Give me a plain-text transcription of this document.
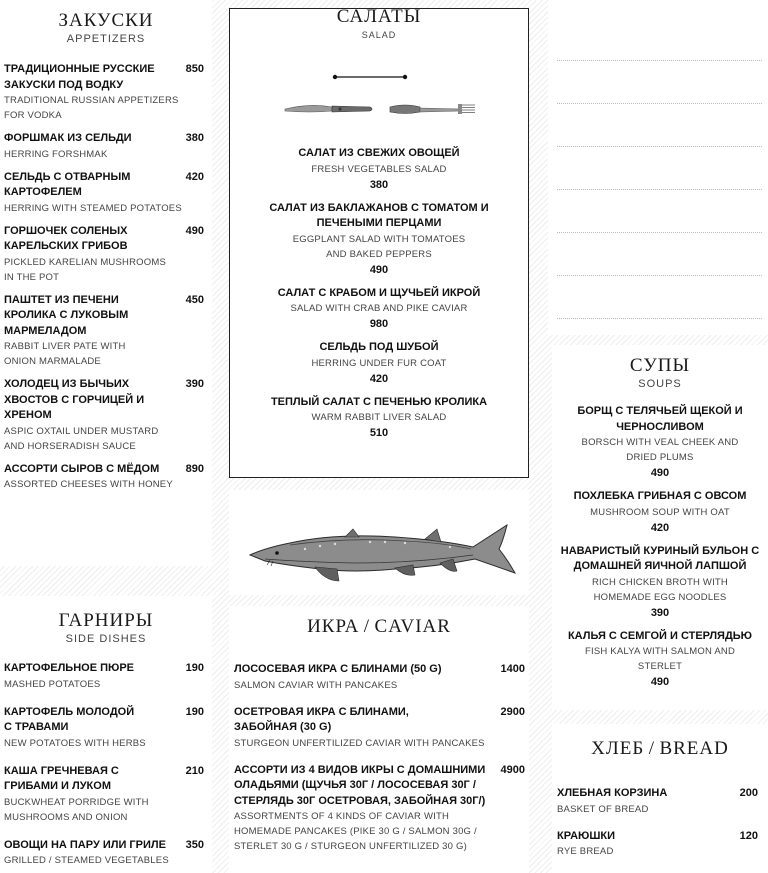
ЗАКУСКИ
APPETIZERS
ТРАДИЦИОННЫЕ РУССКИЕ ЗАКУСКИ ПОД ВОДКУ
TRADITIONAL RUSSIAN APPETIZERS FOR VODKA
850
ФОРШМАК ИЗ СЕЛЬДИ
HERRING FORSHMAK
380
СЕЛЬДЬ С ОТВАРНЫМ КАРТОФЕЛЕМ
HERRING WITH STEAMED POTATOES
420
ГОРШОЧЕК СОЛЕНЫХ КАРЕЛЬСКИХ ГРИБОВ
PICKLED KARELIAN MUSHROOMS IN THE POT
490
ПАШТЕТ ИЗ ПЕЧЕНИ КРОЛИКА С ЛУКОВЫМ МАРМЕЛАДОМ
RABBIT LIVER PATE WITH ONION MARMALADE
450
ХОЛОДЕЦ ИЗ БЫЧЬИХ ХВОСТОВ С ГОРЧИЦЕЙ И ХРЕНОМ
ASPIC OXTAIL UNDER MUSTARD AND HORSERADISH SAUCE
390
АССОРТИ СЫРОВ С МЁДОМ
ASSORTED CHEESES WITH HONEY
890
САЛАТЫ
SALAD
САЛАТ ИЗ СВЕЖИХ ОВОЩЕЙ
FRESH VEGETABLES SALAD
380
САЛАТ ИЗ БАКЛАЖАНОВ С ТОМАТОМ И ПЕЧЕНЫМИ ПЕРЦАМИ
EGGPLANT SALAD WITH TOMATOES AND BAKED PEPPERS
490
САЛАТ С КРАБОМ И ЩУЧЬЕЙ ИКРОЙ
SALAD WITH CRAB AND PIKE CAVIAR
980
СЕЛЬДЬ ПОД ШУБОЙ
HERRING UNDER FUR COAT
420
ТЕПЛЫЙ САЛАТ С ПЕЧЕНЬЮ КРОЛИКА
WARM RABBIT LIVER SALAD
510
СУПЫ
SOUPS
БОРЩ С ТЕЛЯЧЬЕЙ ЩЕКОЙ И ЧЕРНОСЛИВОМ
BORSCH WITH VEAL CHEEK AND DRIED PLUMS
490
ПОХЛЕБКА ГРИБНАЯ С ОВСОМ
MUSHROOM SOUP WITH OAT
420
НАВАРИСТЫЙ КУРИНЫЙ БУЛЬОН С ДОМАШНЕЙ ЯИЧНОЙ ЛАПШОЙ
RICH CHICKEN BROTH WITH HOMEMADE EGG NOODLES
390
КАЛЬЯ С СЕМГОЙ И СТЕРЛЯДЬЮ
FISH KALYA WITH SALMON AND STERLET
490
ГАРНИРЫ
SIDE DISHES
КАРТОФЕЛЬНОЕ ПЮРЕ
MASHED POTATOES
190
КАРТОФЕЛЬ МОЛОДОЙ С ТРАВАМИ
NEW POTATOES WITH HERBS
190
КАША ГРЕЧНЕВАЯ С ГРИБАМИ И ЛУКОМ
BUCKWHEAT PORRIDGE WITH MUSHROOMS AND ONION
210
ОВОЩИ НА ПАРУ ИЛИ ГРИЛЕ
GRILLED / STEAMED VEGETABLES
350
ИКРА / CAVIAR
ЛОСОСЕВАЯ ИКРА С БЛИНАМИ (50 G)
SALMON CAVIAR WITH PANCAKES
1400
ОСЕТРОВАЯ ИКРА С БЛИНАМИ, ЗАБОЙНАЯ (30 G)
STURGEON UNFERTILIZED CAVIAR WITH PANCAKES
2900
АССОРТИ ИЗ 4 ВИДОВ ИКРЫ С ДОМАШНИМИ ОЛАДЬЯМИ (ЩУЧЬЯ 30Г / ЛОСОСЕВАЯ 30Г / СТЕРЛЯДЬ 30Г ОСЕТРОВАЯ, ЗАБОЙНАЯ 30Г/)
ASSORTMENTS OF 4 KINDS OF CAVIAR WITH HOMEMADE PANCAKES (PIKE 30 G / SALMON 30G / STERLET 30 G / STURGEON UNFERTILIZED 30 G)
4900
ХЛЕБ / BREAD
ХЛЕБНАЯ КОРЗИНА
BASKET OF BREAD
200
КРАЮШКИ
RYE BREAD
120
